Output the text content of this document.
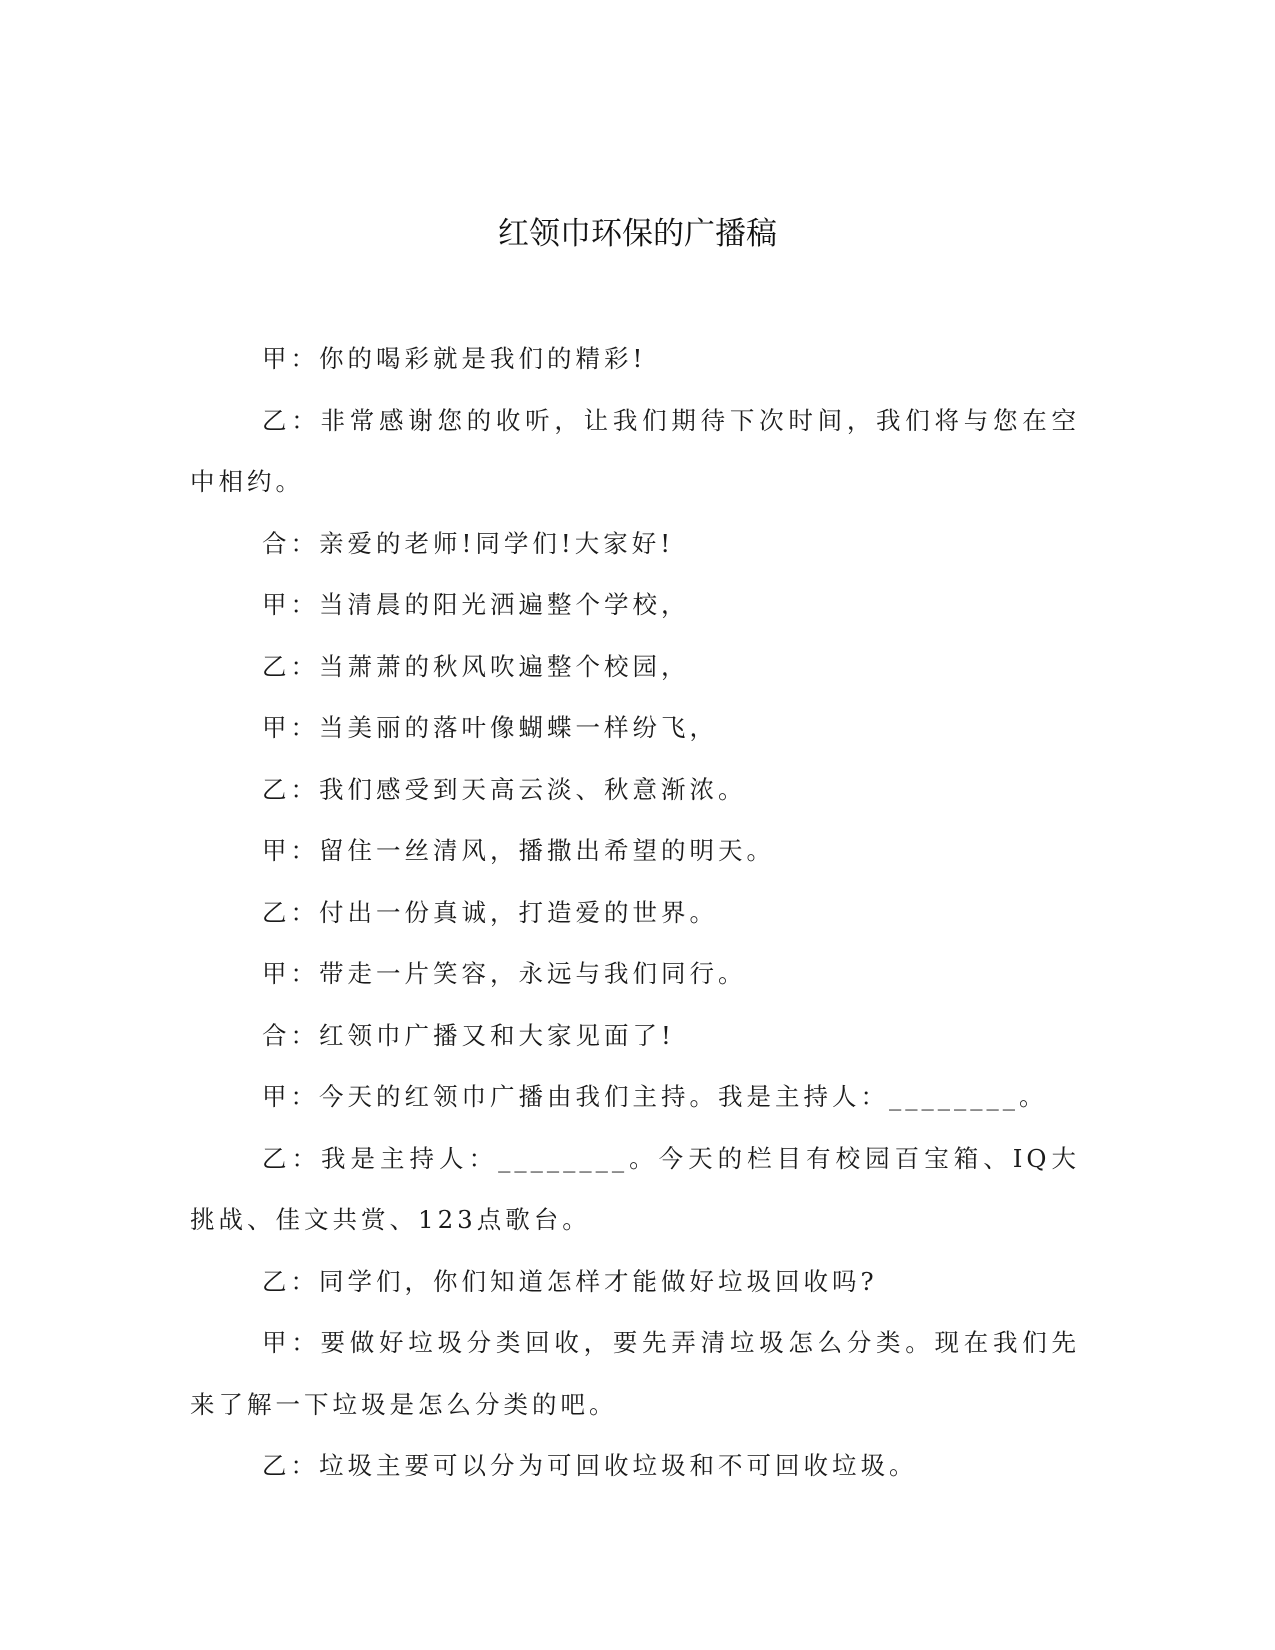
红领巾环保的广播稿

甲：你的喝彩就是我们的精彩!

乙：非常感谢您的收听，让我们期待下次时间，我们将与您在空中相约。

合：亲爱的老师!同学们!大家好!

甲：当清晨的阳光洒遍整个学校，

乙：当萧萧的秋风吹遍整个校园，

甲：当美丽的落叶像蝴蝶一样纷飞，

乙：我们感受到天高云淡、秋意渐浓。

甲：留住一丝清风，播撒出希望的明天。

乙：付出一份真诚，打造爱的世界。

甲：带走一片笑容，永远与我们同行。

合：红领巾广播又和大家见面了!

甲：今天的红领巾广播由我们主持。我是主持人：________。

乙：我是主持人：________。今天的栏目有校园百宝箱、IQ大挑战、佳文共赏、123点歌台。

乙：同学们，你们知道怎样才能做好垃圾回收吗?

甲：要做好垃圾分类回收，要先弄清垃圾怎么分类。现在我们先来了解一下垃圾是怎么分类的吧。

乙：垃圾主要可以分为可回收垃圾和不可回收垃圾。
